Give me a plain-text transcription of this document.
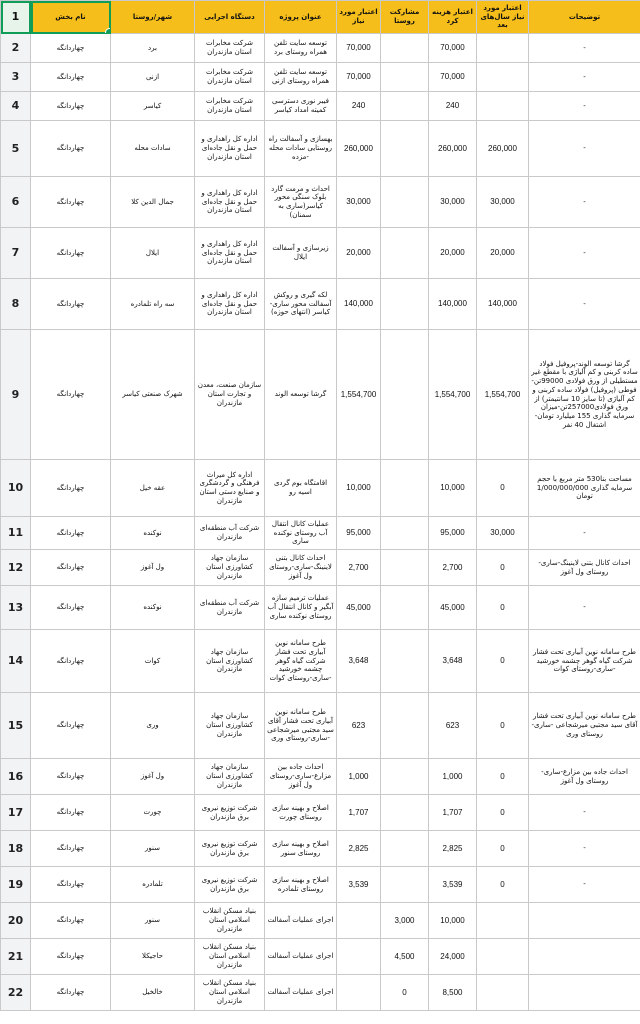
1	نام بخش	شهر/روستا	دستگاه اجرایی	عنوان پروژه	اعتبار مورد نیاز	مشارکت روستا	اعتبار هزینه کرد	اعتبار مورد نیاز سال‌های بعد	توضیحات
2	چهاردانگه	برد	شرکت مخابرات استان مازندران	توسعه سایت تلفن همراه روستای برد	70,000		70,000		-
3	چهاردانگه	ازنی	شرکت مخابرات استان مازندران	توسعه سایت تلفن همراه روستای ازنی	70,000		70,000		-
4	چهاردانگه	کیاسر	شرکت مخابرات استان مازندران	فیبر نوری دسترسی کمیته امداد کیاسر	240		240		-
5	چهاردانگه	سادات محله	اداره کل راهداری و حمل و نقل جاده‌ای استان مازندران	بهسازی و آسفالت راه روستایی سادات محله -مزده	260,000		260,000	260,000	-
6	چهاردانگه	جمال الدین کلا	اداره کل راهداری و حمل و نقل جاده‌ای استان مازندران	احداث و مرمت گارد بلوک سنگی محور کیاسر(ساری به سمنان)	30,000		30,000	30,000	-
7	چهاردانگه	ایلال	اداره کل راهداری و حمل و نقل جاده‌ای استان مازندران	زیرسازی و آسفالت ایلال	20,000		20,000	20,000	-
8	چهاردانگه	سه راه تلمادره	اداره کل راهداری و حمل و نقل جاده‌ای استان مازندران	لکه گیری و روکش آسفالت محور ساری-کیاسر (انتهای حوزه)	140,000		140,000	140,000	-
9	چهاردانگه	شهرک صنعتی کیاسر	سازمان صنعت، معدن و تجارت استان مازندران	گرشا توسعه الوند	1,554,700		1,554,700	1,554,700	گرشا توسعه الوند-پروفیل فولاد ساده کربنی و کم آلیاژی با مقطع غیر مستطیلی از ورق فولادی 99000تن- فوطی (پروفیل) فولاد ساده کربنی و کم آلیاژی (تا سایز 10 سانتیمتر) از ورق فولادی257000تن-میزان سرمایه گذاری 155 میلیارد تومان-اشتغال 40 نفر
10	چهاردانگه	عقه خیل	اداره کل میراث فرهنگی و گردشگری و صنایع دستی استان مازندران	اقامتگاه بوم گردی اسیه رو	10,000		10,000	0	مساحت بنا530 متر مربع با حجم سرمایه گذاری 1/000/000/000 تومان
11	چهاردانگه	نوکنده	شرکت آب منطقه‌ای مازندران	عملیات کانال انتقال آب روستای نوکنده ساری	95,000		95,000	30,000	-
12	چهاردانگه	ول آغوز	سازمان جهاد کشاورزی استان مازندران	احداث کانال بتنی لاینینگ-ساری-روستای ول آغوز	2,700		2,700	0	احداث کانال بتنی لاینینگ-ساری-روستای ول آغوز
13	چهاردانگه	نوکنده	شرکت آب منطقه‌ای مازندران	عملیات ترمیم سازه آبگیر و کانال انتقال آب روستای نوکنده ساری	45,000		45,000	0	-
14	چهاردانگه	کوات	سازمان جهاد کشاورزی استان مازندران	طرح سامانه نوین آبیاری تحت فشار شرکت گیاه گوهر چشمه خورشید -ساری-روستای کوات	3,648		3,648	0	طرح سامانه نوین آبیاری تحت فشار شرکت گیاه گوهر چشمه خورشید -ساری-روستای کوات
15	چهاردانگه	وری	سازمان جهاد کشاورزی استان مازندران	طرح سامانه نوین آبیاری تحت فشار آقای سید مجتبی میرشجاعی -ساری-روستای وری	623		623	0	طرح سامانه نوین آبیاری تحت فشار آقای سید مجتبی میرشجاعی -ساری-روستای وری
16	چهاردانگه	ول آغوز	سازمان جهاد کشاورزی استان مازندران	احداث جاده بین مزارع-ساری-روستای ول آغوز	1,000		1,000	0	احداث جاده بین مزارع-ساری-روستای ول آغوز
17	چهاردانگه	چورت	شرکت توزیع نیروی برق مازندران	اصلاح و بهینه سازی روستای چورت	1,707		1,707	0	-
18	چهاردانگه	سنور	شرکت توزیع نیروی برق مازندران	اصلاح و بهینه سازی روستای سنور	2,825		2,825	0	-
19	چهاردانگه	تلمادره	شرکت توزیع نیروی برق مازندران	اصلاح و بهینه سازی روستای تلمادره	3,539		3,539	0	-
20	چهاردانگه	سنور	بنیاد مسکن انقلاب اسلامی استان مازندران	اجرای عملیات آسفالت		3,000	10,000		
21	چهاردانگه	حاجیکلا	بنیاد مسکن انقلاب اسلامی استان مازندران	اجرای عملیات آسفالت		4,500	24,000		
22	چهاردانگه	خالخیل	بنیاد مسکن انقلاب اسلامی استان مازندران	اجرای عملیات آسفالت		0	8,500		
